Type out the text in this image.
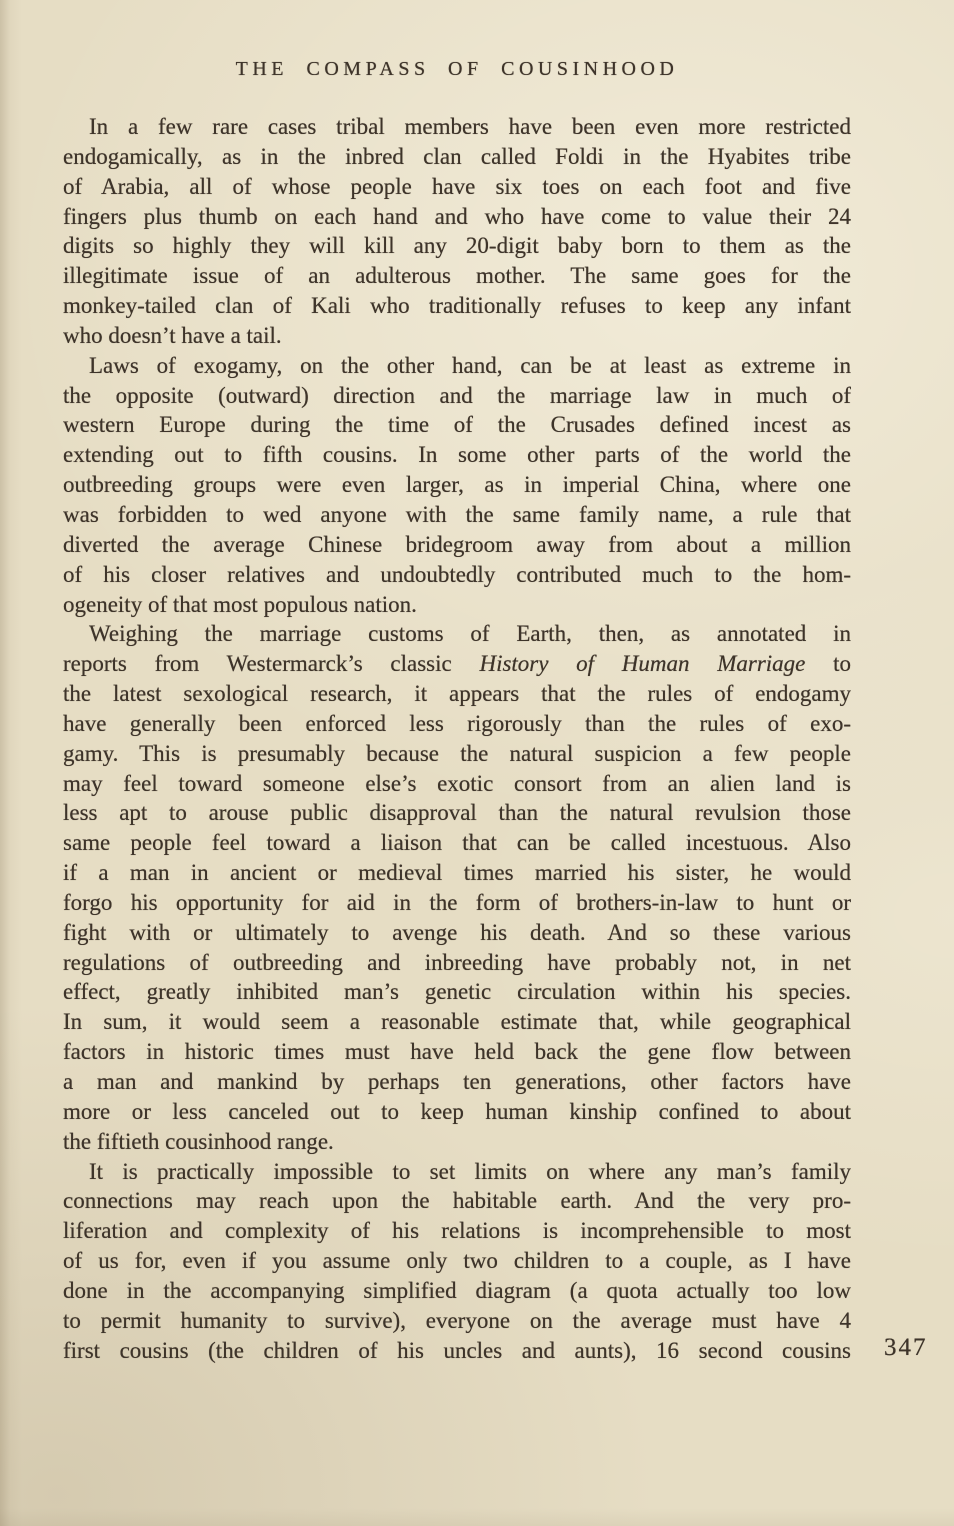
THE COMPASS OF COUSINHOOD
In a few rare cases tribal members have been even more restricted
endogamically, as in the inbred clan called Foldi in the Hyabites tribe
of Arabia, all of whose people have six toes on each foot and five
fingers plus thumb on each hand and who have come to value their 24
digits so highly they will kill any 20-digit baby born to them as the
illegitimate issue of an adulterous mother. The same goes for the
monkey-tailed clan of Kali who traditionally refuses to keep any infant
who doesn’t have a tail.
Laws of exogamy, on the other hand, can be at least as extreme in
the opposite (outward) direction and the marriage law in much of
western Europe during the time of the Crusades defined incest as
extending out to fifth cousins. In some other parts of the world the
outbreeding groups were even larger, as in imperial China, where one
was forbidden to wed anyone with the same family name, a rule that
diverted the average Chinese bridegroom away from about a million
of his closer relatives and undoubtedly contributed much to the hom-
ogeneity of that most populous nation.
Weighing the marriage customs of Earth, then, as annotated in
reports from Westermarck’s classic History of Human Marriage to
the latest sexological research, it appears that the rules of endogamy
have generally been enforced less rigorously than the rules of exo-
gamy. This is presumably because the natural suspicion a few people
may feel toward someone else’s exotic consort from an alien land is
less apt to arouse public disapproval than the natural revulsion those
same people feel toward a liaison that can be called incestuous. Also
if a man in ancient or medieval times married his sister, he would
forgo his opportunity for aid in the form of brothers-in-law to hunt or
fight with or ultimately to avenge his death. And so these various
regulations of outbreeding and inbreeding have probably not, in net
effect, greatly inhibited man’s genetic circulation within his species.
In sum, it would seem a reasonable estimate that, while geographical
factors in historic times must have held back the gene flow between
a man and mankind by perhaps ten generations, other factors have
more or less canceled out to keep human kinship confined to about
the fiftieth cousinhood range.
It is practically impossible to set limits on where any man’s family
connections may reach upon the habitable earth. And the very pro-
liferation and complexity of his relations is incomprehensible to most
of us for, even if you assume only two children to a couple, as I have
done in the accompanying simplified diagram (a quota actually too low
to permit humanity to survive), everyone on the average must have 4
first cousins (the children of his uncles and aunts), 16 second cousins 347
